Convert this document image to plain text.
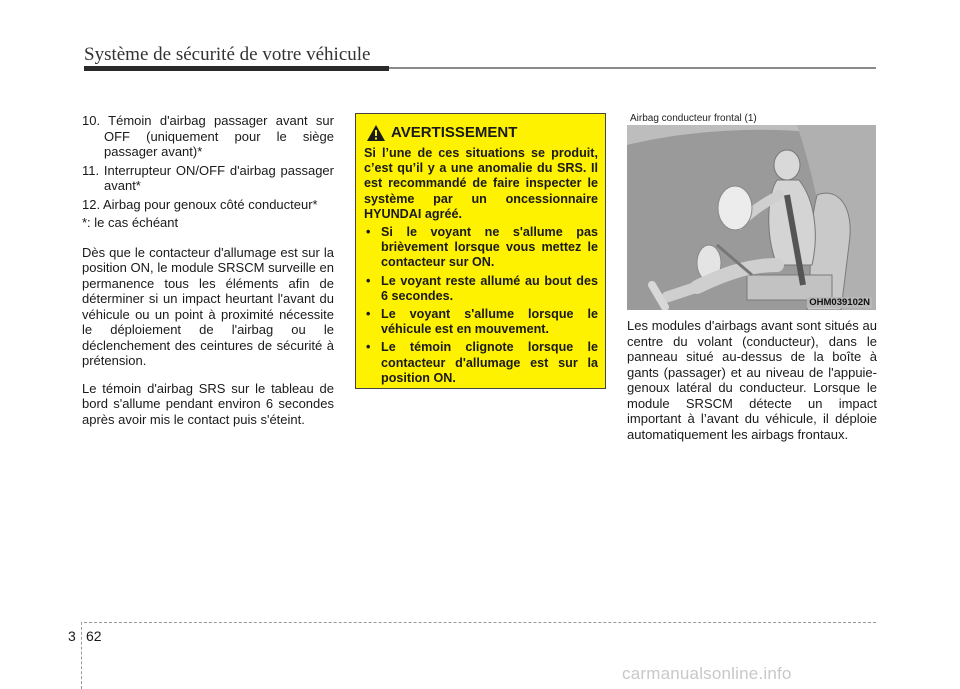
Système de sécurité de votre véhicule
10. Témoin d'airbag passager avant sur OFF (uniquement pour le siège passager avant)*
11. Interrupteur ON/OFF d'airbag passager avant*
12. Airbag pour genoux côté conducteur*

*: le cas échéant

Dès que le contacteur d'allumage est sur la position ON, le module SRSCM surveille en permanence tous les éléments afin de déterminer si un impact heurtant l'avant du véhicule ou un point à proximité nécessite le déploiement de l'airbag ou le déclenchement des ceintures de sécurité à prétension.

Le témoin d'airbag SRS sur le tableau de bord s'allume pendant environ 6 secondes après avoir mis le contact puis s'éteint.

AVERTISSEMENT

Si l’une de ces situations se produit, c’est qu’il y a une anomalie du SRS. Il est recommandé de faire inspecter le système par un oncessionnaire HYUNDAI agréé.

• Si le voyant ne s'allume pas brièvement lorsque vous mettez le contacteur sur ON.
• Le voyant reste allumé au bout des 6 secondes.
• Le voyant s'allume lorsque le véhicule est en mouvement.
• Le témoin clignote lorsque le contacteur d'allumage est sur la position ON.
Airbag conducteur frontal (1)
OHM039102N

Les modules d'airbags avant sont situés au centre du volant (conducteur), dans le panneau situé au-dessus de la boîte à gants (passager) et au niveau de l'appuie-genoux latéral du conducteur. Lorsque le module SRSCM détecte un impact important à l’avant du véhicule, il déploie automatiquement les airbags frontaux.

3 62
carmanualsonline.info
